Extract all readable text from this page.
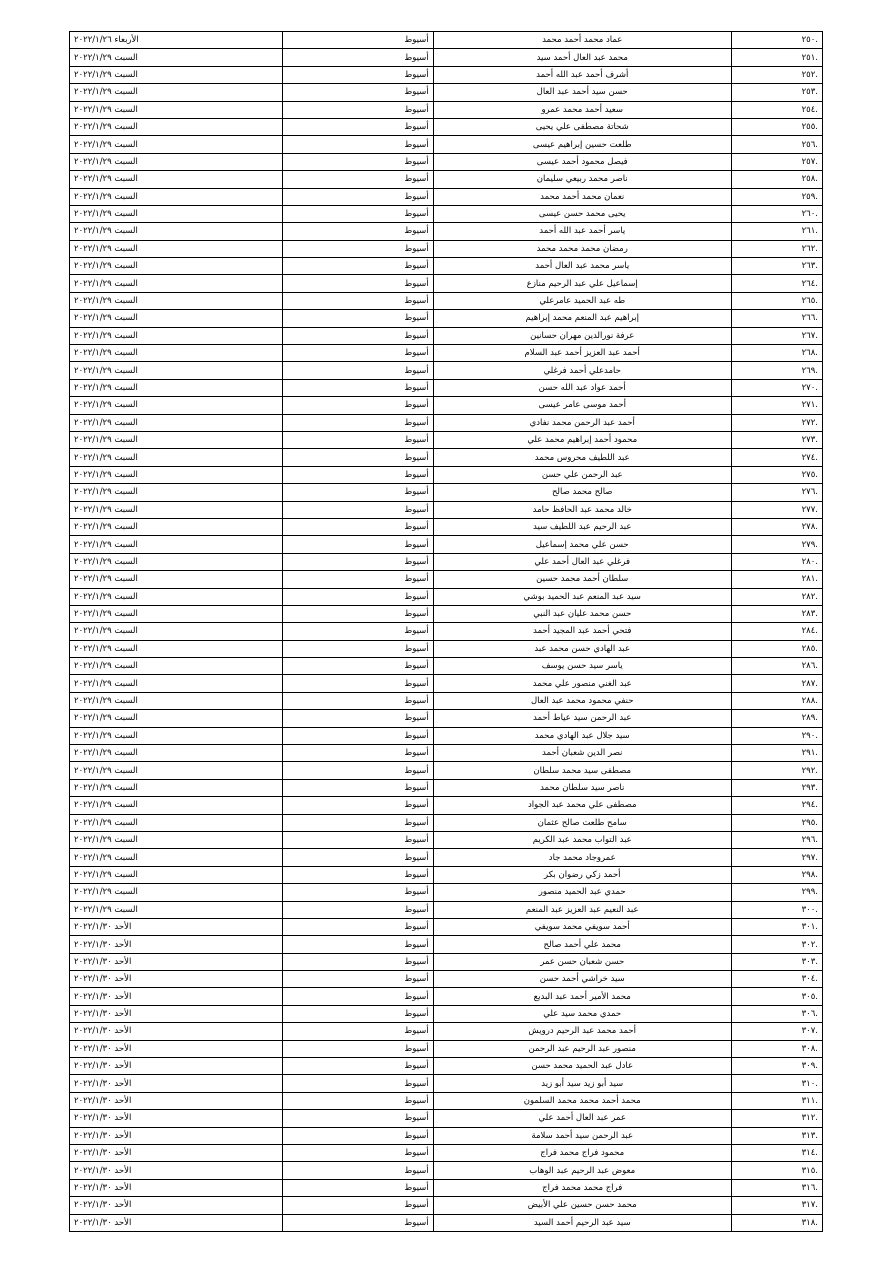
.٢٥٠	عماد محمد أحمد محمد	أسيوط	الأربعاء ٢٠٢٢/١/٢٦
.٢٥١	محمد عبد العال أحمد سيد	أسيوط	السبت ٢٠٢٢/١/٢٩
.٢٥٢	أشرف أحمد عبد الله أحمد	أسيوط	السبت ٢٠٢٢/١/٢٩
.٢٥٣	حسن سيد أحمد عبد العال	أسيوط	السبت ٢٠٢٢/١/٢٩
.٢٥٤	سعيد أحمد محمد عمرو	أسيوط	السبت ٢٠٢٢/١/٢٩
.٢٥٥	شحاتة مصطفى علي يحيى	أسيوط	السبت ٢٠٢٢/١/٢٩
.٢٥٦	طلعت حسين إبراهيم عيسى	أسيوط	السبت ٢٠٢٢/١/٢٩
.٢٥٧	فيصل محمود أحمد عيسى	أسيوط	السبت ٢٠٢٢/١/٢٩
.٢٥٨	ناصر محمد ربيعي سليمان	أسيوط	السبت ٢٠٢٢/١/٢٩
.٢٥٩	نعمان محمد أحمد محمد	أسيوط	السبت ٢٠٢٢/١/٢٩
.٢٦٠	يحيى محمد حسن عيسى	أسيوط	السبت ٢٠٢٢/١/٢٩
.٢٦١	ياسر أحمد عبد الله أحمد	أسيوط	السبت ٢٠٢٢/١/٢٩
.٢٦٢	رمضان محمد محمد محمد	أسيوط	السبت ٢٠٢٢/١/٢٩
.٢٦٣	ياسر محمد عبد العال أحمد	أسيوط	السبت ٢٠٢٢/١/٢٩
.٢٦٤	إسماعيل علي عبد الرحيم منازع	أسيوط	السبت ٢٠٢٢/١/٢٩
.٢٦٥	طه عبد الحميد عامرعلي	أسيوط	السبت ٢٠٢٢/١/٢٩
.٢٦٦	إبراهيم عبد المنعم محمد إبراهيم	أسيوط	السبت ٢٠٢٢/١/٢٩
.٢٦٧	عرفة نورالدين مهران حسانين	أسيوط	السبت ٢٠٢٢/١/٢٩
.٢٦٨	أحمد عبد العزيز أحمد عبد السلام	أسيوط	السبت ٢٠٢٢/١/٢٩
.٢٦٩	حامدعلي أحمد فرغلي	أسيوط	السبت ٢٠٢٢/١/٢٩
.٢٧٠	أحمد عواد عبد الله حسن	أسيوط	السبت ٢٠٢٢/١/٢٩
.٢٧١	أحمد موسى عامر عيسى	أسيوط	السبت ٢٠٢٢/١/٢٩
.٢٧٢	أحمد عبد الرحمن محمد نفادي	أسيوط	السبت ٢٠٢٢/١/٢٩
.٢٧٣	محمود أحمد إبراهيم محمد علي	أسيوط	السبت ٢٠٢٢/١/٢٩
.٢٧٤	عبد اللطيف محروس محمد	أسيوط	السبت ٢٠٢٢/١/٢٩
.٢٧٥	عبد الرحمن علي حسن	أسيوط	السبت ٢٠٢٢/١/٢٩
.٢٧٦	صالح محمد صالح	أسيوط	السبت ٢٠٢٢/١/٢٩
.٢٧٧	خالد محمد عبد الحافظ حامد	أسيوط	السبت ٢٠٢٢/١/٢٩
.٢٧٨	عبد الرحيم عبد اللطيف سيد	أسيوط	السبت ٢٠٢٢/١/٢٩
.٢٧٩	حسن علي محمد إسماعيل	أسيوط	السبت ٢٠٢٢/١/٢٩
.٢٨٠	فرغلي عبد العال أحمد علي	أسيوط	السبت ٢٠٢٢/١/٢٩
.٢٨١	سلطان أحمد محمد حسين	أسيوط	السبت ٢٠٢٢/١/٢٩
.٢٨٢	سيد عبد المنعم عبد الحميد بوشي	أسيوط	السبت ٢٠٢٢/١/٢٩
.٢٨٣	حسن محمد عليان عبد النبي	أسيوط	السبت ٢٠٢٢/١/٢٩
.٢٨٤	فتحي أحمد عبد المجيد أحمد	أسيوط	السبت ٢٠٢٢/١/٢٩
.٢٨٥	عبد الهادي حسن محمد عبد	أسيوط	السبت ٢٠٢٢/١/٢٩
.٢٨٦	ياسر سيد حسن يوسف	أسيوط	السبت ٢٠٢٢/١/٢٩
.٢٨٧	عبد الغني منصور علي محمد	أسيوط	السبت ٢٠٢٢/١/٢٩
.٢٨٨	حنفي محمود محمد عبد العال	أسيوط	السبت ٢٠٢٢/١/٢٩
.٢٨٩	عبد الرحمن سيد عياط أحمد	أسيوط	السبت ٢٠٢٢/١/٢٩
.٢٩٠	سيد جلال عبد الهادي محمد	أسيوط	السبت ٢٠٢٢/١/٢٩
.٢٩١	نصر الدين شعبان أحمد	أسيوط	السبت ٢٠٢٢/١/٢٩
.٢٩٢	مصطفى سيد محمد سلطان	أسيوط	السبت ٢٠٢٢/١/٢٩
.٢٩٣	ناصر سيد سلطان محمد	أسيوط	السبت ٢٠٢٢/١/٢٩
.٢٩٤	مصطفى علي محمد عبد الجواد	أسيوط	السبت ٢٠٢٢/١/٢٩
.٢٩٥	سامح طلعت صالح عثمان	أسيوط	السبت ٢٠٢٢/١/٢٩
.٢٩٦	عبد التواب محمد عبد الكريم	أسيوط	السبت ٢٠٢٢/١/٢٩
.٢٩٧	عمروجاد محمد جاد	أسيوط	السبت ٢٠٢٢/١/٢٩
.٢٩٨	أحمد زكي رضوان بكر	أسيوط	السبت ٢٠٢٢/١/٢٩
.٢٩٩	حمدي عبد الحميد منصور	أسيوط	السبت ٢٠٢٢/١/٢٩
.٣٠٠	عبد النعيم عبد العزيز عبد المنعم	أسيوط	السبت ٢٠٢٢/١/٢٩
.٣٠١	أحمد سويفي محمد سويفي	أسيوط	الأحد ٢٠٢٢/١/٣٠
.٣٠٢	محمد علي أحمد صالح	أسيوط	الأحد ٢٠٢٢/١/٣٠
.٣٠٣	حسن شعبان حسن عمر	أسيوط	الأحد ٢٠٢٢/١/٣٠
.٣٠٤	سيد خراشي أحمد حسن	أسيوط	الأحد ٢٠٢٢/١/٣٠
.٣٠٥	محمد الأمير أحمد عبد البديع	أسيوط	الأحد ٢٠٢٢/١/٣٠
.٣٠٦	حمدي محمد سيد علي	أسيوط	الأحد ٢٠٢٢/١/٣٠
.٣٠٧	أحمد محمد عبد الرحيم درويش	أسيوط	الأحد ٢٠٢٢/١/٣٠
.٣٠٨	منصور عبد الرحيم عبد الرحمن	أسيوط	الأحد ٢٠٢٢/١/٣٠
.٣٠٩	عادل عبد الحميد محمد حسن	أسيوط	الأحد ٢٠٢٢/١/٣٠
.٣١٠	سيد أبو زيد سيد أبو زيد	أسيوط	الأحد ٢٠٢٢/١/٣٠
.٣١١	محمد أحمد محمد محمد السلمون	أسيوط	الأحد ٢٠٢٢/١/٣٠
.٣١٢	عمر عبد العال أحمد علي	أسيوط	الأحد ٢٠٢٢/١/٣٠
.٣١٣	عبد الرحمن سيد أحمد سلامة	أسيوط	الأحد ٢٠٢٢/١/٣٠
.٣١٤	محمود فراج محمد فراج	أسيوط	الأحد ٢٠٢٢/١/٣٠
.٣١٥	معوض عبد الرحيم عبد الوهاب	أسيوط	الأحد ٢٠٢٢/١/٣٠
.٣١٦	فراج محمد محمد فراج	أسيوط	الأحد ٢٠٢٢/١/٣٠
.٣١٧	محمد حسن حسين علي الأبيض	أسيوط	الأحد ٢٠٢٢/١/٣٠
.٣١٨	سيد عبد الرحيم أحمد السيد	أسيوط	الأحد ٢٠٢٢/١/٣٠
